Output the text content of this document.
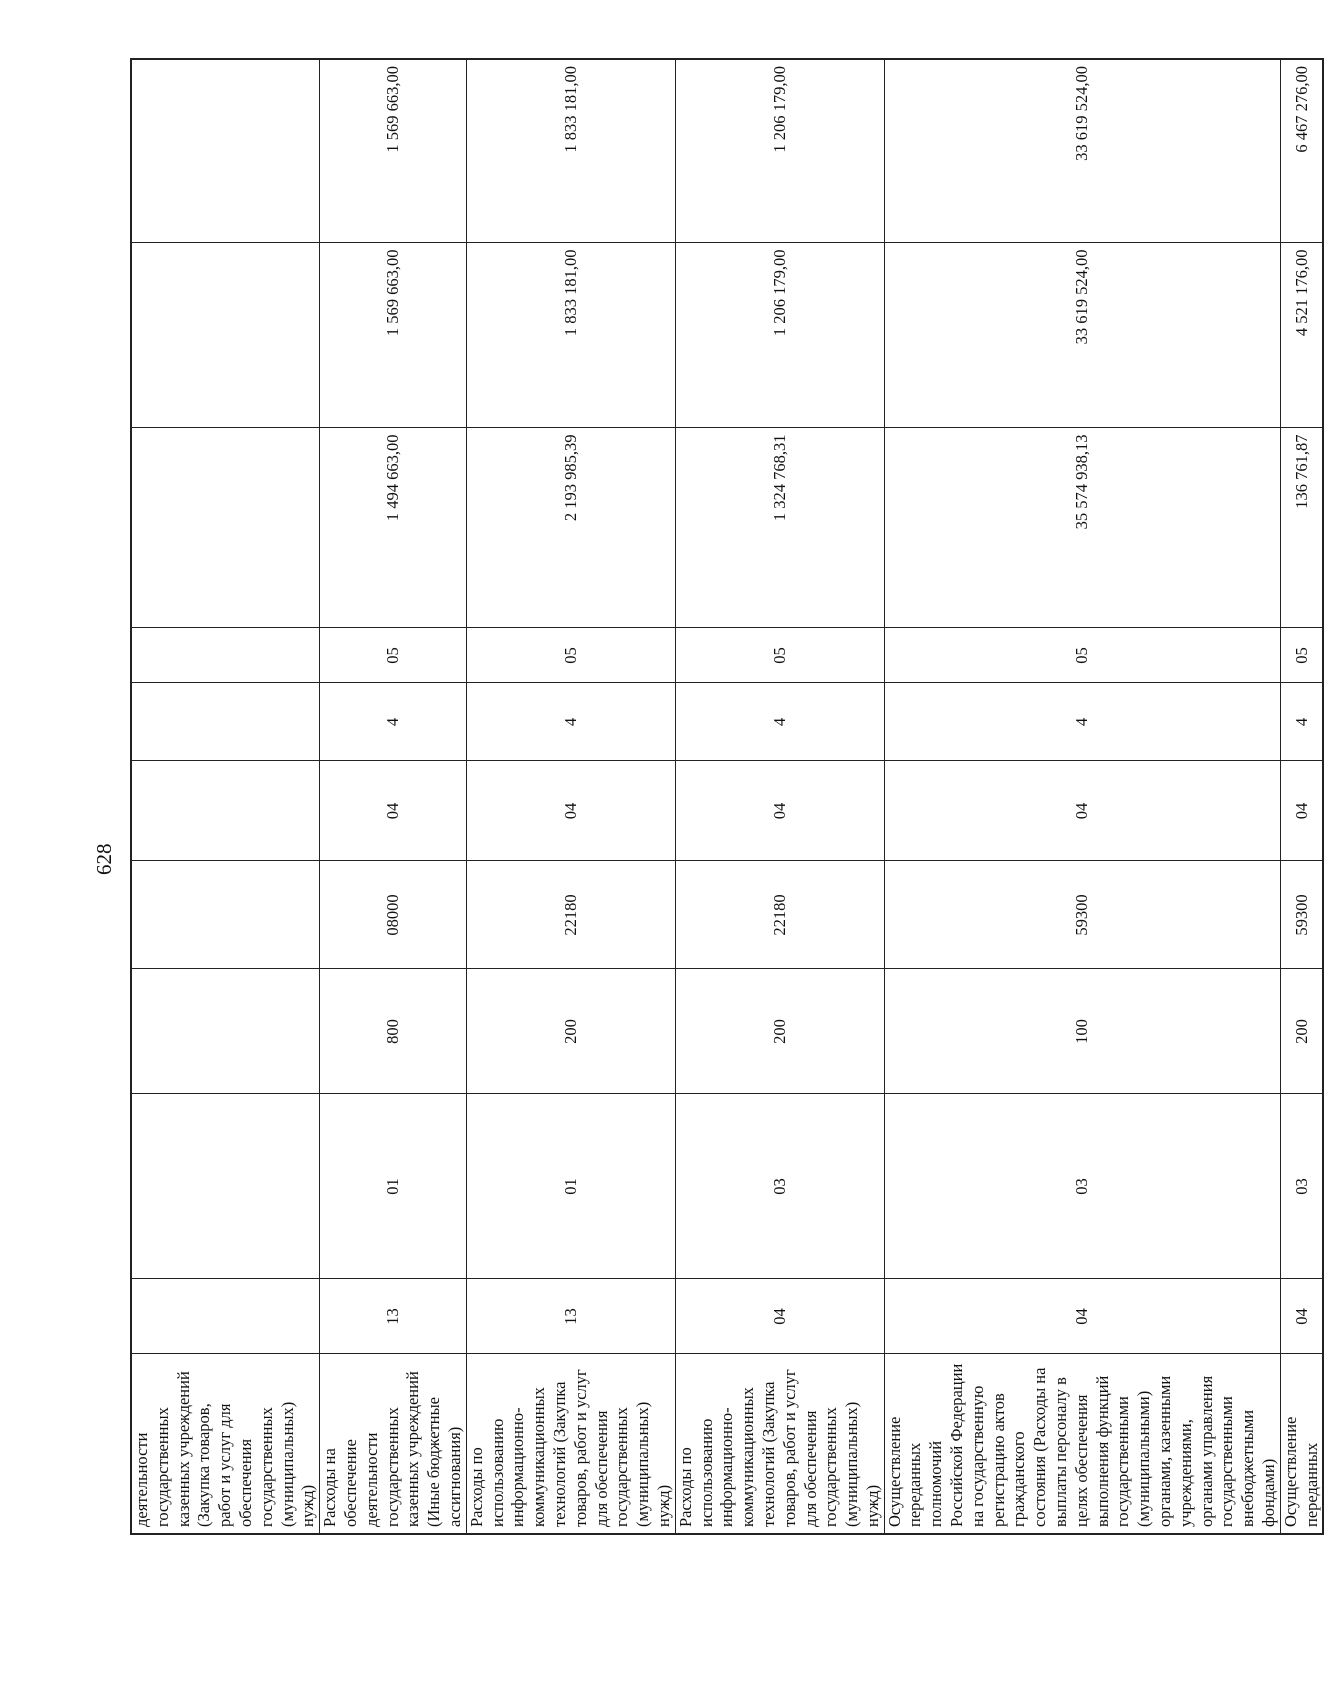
628
деятельности государственных казенных учреждений (Закупка товаров, работ и услуг для обеспечения государственных (муниципальных) нужд)										
Расходы на обеспечение деятельности государственных казенных учреждений (Иные бюджетные ассигнования)	13	01	800	08000	04	4	05	1 494 663,00	1 569 663,00	1 569 663,00
Расходы по использованию информационно-коммуникационных технологий (Закупка товаров, работ и услуг для обеспечения государственных (муниципальных) нужд)	13	01	200	22180	04	4	05	2 193 985,39	1 833 181,00	1 833 181,00
Расходы по использованию информационно-коммуникационных технологий (Закупка товаров, работ и услуг для обеспечения государственных (муниципальных) нужд)	04	03	200	22180	04	4	05	1 324 768,31	1 206 179,00	1 206 179,00
Осуществление переданных полномочий Российской Федерации на государственную регистрацию актов гражданского состояния (Расходы на выплаты персоналу в целях обеспечения выполнения функций государственными (муниципальными) органами, казенными учреждениями, органами управления государственными внебюджетными фондами)	04	03	100	59300	04	4	05	35 574 938,13	33 619 524,00	33 619 524,00
Осуществление переданных	04	03	200	59300	04	4	05	136 761,87	4 521 176,00	6 467 276,00
